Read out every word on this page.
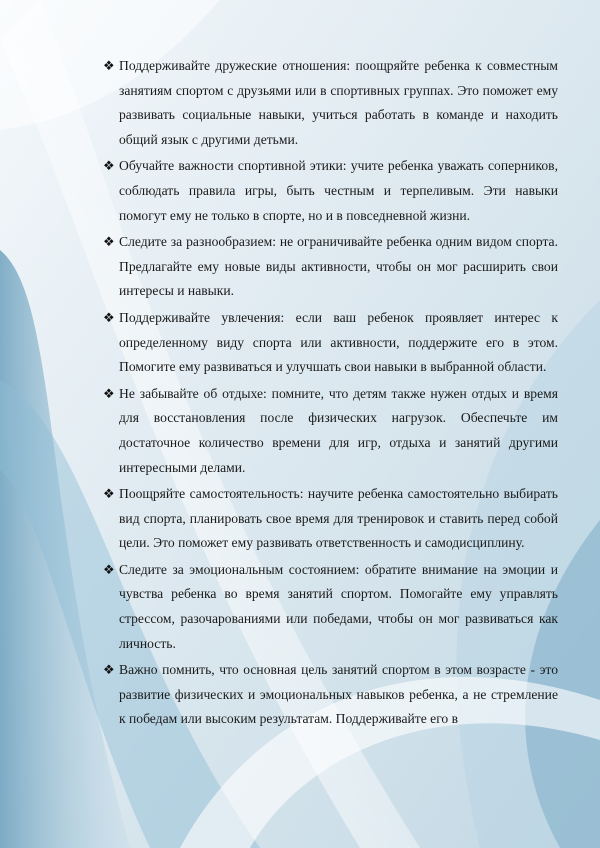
❖ Поддерживайте дружеские отношения: поощряйте ребенка к совместным занятиям спортом с друзьями или в спортивных группах. Это поможет ему развивать социальные навыки, учиться работать в команде и находить общий язык с другими детьми.
❖ Обучайте важности спортивной этики: учите ребенка уважать соперников, соблюдать правила игры, быть честным и терпеливым. Эти навыки помогут ему не только в спорте, но и в повседневной жизни.
❖ Следите за разнообразием: не ограничивайте ребенка одним видом спорта. Предлагайте ему новые виды активности, чтобы он мог расширить свои интересы и навыки.
❖ Поддерживайте увлечения: если ваш ребенок проявляет интерес к определенному виду спорта или активности, поддержите его в этом. Помогите ему развиваться и улучшать свои навыки в выбранной области.
❖ Не забывайте об отдыхе: помните, что детям также нужен отдых и время для восстановления после физических нагрузок. Обеспечьте им достаточное количество времени для игр, отдыха и занятий другими интересными делами.
❖ Поощряйте самостоятельность: научите ребенка самостоятельно выбирать вид спорта, планировать свое время для тренировок и ставить перед собой цели. Это поможет ему развивать ответственность и самодисциплину.
❖ Следите за эмоциональным состоянием: обратите внимание на эмоции и чувства ребенка во время занятий спортом. Помогайте ему управлять стрессом, разочарованиями или победами, чтобы он мог развиваться как личность.
❖ Важно помнить, что основная цель занятий спортом в этом возрасте - это развитие физических и эмоциональных навыков ребенка, а не стремление к победам или высоким результатам. Поддерживайте его в
